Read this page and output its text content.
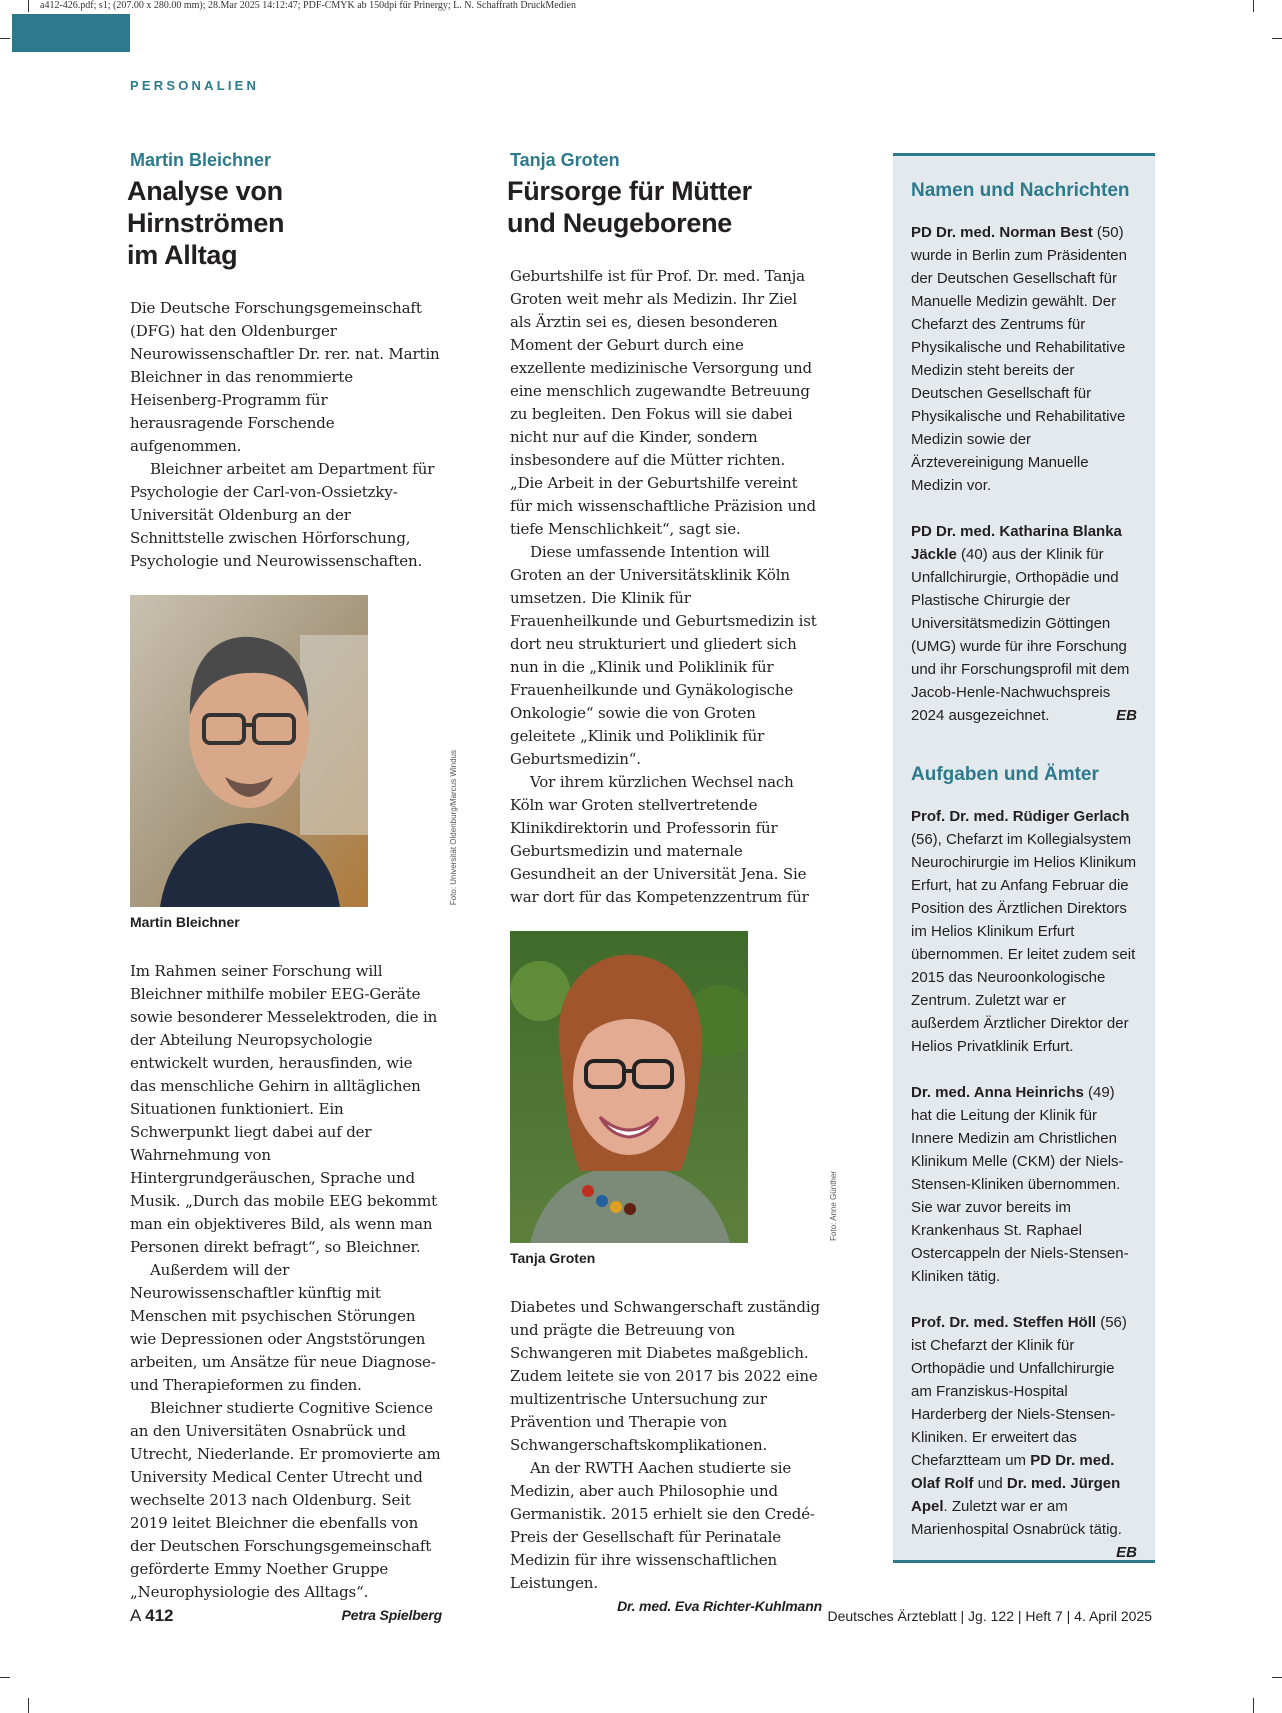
a412-426.pdf; s1; (207.00 x 280.00 mm); 28.Mar 2025 14:12:47; PDF-CMYK ab 150dpi für Prinergy; L. N. Schaffrath DruckMedien
PERSONALIEN
Martin Bleichner
Analyse von Hirnströmen
im Alltag

Die Deutsche Forschungsgemeinschaft (DFG) hat den Oldenburger Neurowissenschaftler Dr. rer. nat. Martin Bleichner in das renommierte Heisenberg-Programm für herausragende Forschende aufgenommen.

Bleichner arbeitet am Department für Psychologie der Carl-von-Ossietzky-Universität Oldenburg an der Schnittstelle zwischen Hörforschung, Psychologie und Neurowissenschaften.

Foto: Universität Oldenburg/Marcus Windus
Martin Bleichner

Im Rahmen seiner Forschung will Bleichner mithilfe mobiler EEG-Geräte sowie besonderer Messelektroden, die in der Abteilung Neuropsychologie entwickelt wurden, herausfinden, wie das menschliche Gehirn in alltäglichen Situationen funktioniert. Ein Schwerpunkt liegt dabei auf der Wahrnehmung von Hintergrundgeräuschen, Sprache und Musik. „Durch das mobile EEG bekommt man ein objektiveres Bild, als wenn man Personen direkt befragt“, so Bleichner.

Außerdem will der Neurowissenschaftler künftig mit Menschen mit psychischen Störungen wie Depressionen oder Angststörungen arbeiten, um Ansätze für neue Diagnose- und Therapieformen zu finden.

Bleichner studierte Cognitive Science an den Universitäten Osnabrück und Utrecht, Niederlande. Er promovierte am University Medical Center Utrecht und wechselte 2013 nach Oldenburg. Seit 2019 leitet Bleichner die ebenfalls von der Deutschen Forschungsgemeinschaft geförderte Emmy Noether Gruppe „Neurophysiologie des Alltags“.
Petra Spielberg

Tanja Groten
Fürsorge für Mütter
und Neugeborene

Geburtshilfe ist für Prof. Dr. med. Tanja Groten weit mehr als Medizin. Ihr Ziel als Ärztin sei es, diesen besonderen Moment der Geburt durch eine exzellente medizinische Versorgung und eine menschlich zugewandte Betreuung zu begleiten. Den Fokus will sie dabei nicht nur auf die Kinder, sondern insbesondere auf die Mütter richten. „Die Arbeit in der Geburtshilfe vereint für mich wissenschaftliche Präzision und tiefe Menschlichkeit“, sagt sie.

Diese umfassende Intention will Groten an der Universitätsklinik Köln umsetzen. Die Klinik für Frauenheilkunde und Geburtsmedizin ist dort neu strukturiert und gliedert sich nun in die „Klinik und Poliklinik für Frauenheilkunde und Gynäkologische Onkologie“ sowie die von Groten geleitete „Klinik und Poliklinik für Geburtsmedizin“.

Vor ihrem kürzlichen Wechsel nach Köln war Groten stellvertretende Klinikdirektorin und Professorin für Geburtsmedizin und maternale Gesundheit an der Universität Jena. Sie war dort für das Kompetenzzentrum für

Foto: Anne Günther
Tanja Groten

Diabetes und Schwangerschaft zuständig und prägte die Betreuung von Schwangeren mit Diabetes maßgeblich. Zudem leitete sie von 2017 bis 2022 eine multizentrische Untersuchung zur Prävention und Therapie von Schwangerschaftskomplikationen.

An der RWTH Aachen studierte sie Medizin, aber auch Philosophie und Germanistik. 2015 erhielt sie den Credé-Preis der Gesellschaft für Perinatale Medizin für ihre wissenschaftlichen Leistungen.
Dr. med. Eva Richter-Kuhlmann

Namen und Nachrichten
PD Dr. med. Norman Best (50) wurde in Berlin zum Präsidenten der Deutschen Gesellschaft für Manuelle Medizin gewählt. Der Chefarzt des Zentrums für Physikalische und Rehabilitative Medizin steht bereits der Deutschen Gesellschaft für Physikalische und Rehabilitative Medizin sowie der Ärztevereinigung Manuelle Medizin vor.
PD Dr. med. Katharina Blanka Jäckle (40) aus der Klinik für Unfallchirurgie, Orthopädie und Plastische Chirurgie der Universitätsmedizin Göttingen (UMG) wurde für ihre Forschung und ihr Forschungsprofil mit dem Jacob-Henle-Nachwuchspreis 2024 ausgezeichnet.	EB
Aufgaben und Ämter
Prof. Dr. med. Rüdiger Gerlach (56), Chefarzt im Kollegialsystem Neurochirurgie im Helios Klinikum Erfurt, hat zu Anfang Februar die Position des Ärztlichen Direktors im Helios Klinikum Erfurt übernommen. Er leitet zudem seit 2015 das Neuroonkologische Zentrum. Zuletzt war er außerdem Ärztlicher Direktor der Helios Privatklinik Erfurt.
Dr. med. Anna Heinrichs (49) hat die Leitung der Klinik für Innere Medizin am Christlichen Klinikum Melle (CKM) der Niels-Stensen-Kliniken übernommen. Sie war zuvor bereits im Krankenhaus St. Raphael Ostercappeln der Niels-Stensen-Kliniken tätig.
Prof. Dr. med. Steffen Höll (56) ist Chefarzt der Klinik für Orthopädie und Unfallchirurgie am Franziskus-Hospital Harderberg der Niels-Stensen-Kliniken. Er erweitert das Chefarztteam um PD Dr. med. Olaf Rolf und Dr. med. Jürgen Apel. Zuletzt war er am Marienhospital Osnabrück tätig.
EB
A 412	Deutsches Ärzteblatt | Jg. 122 | Heft 7 | 4. April 2025
